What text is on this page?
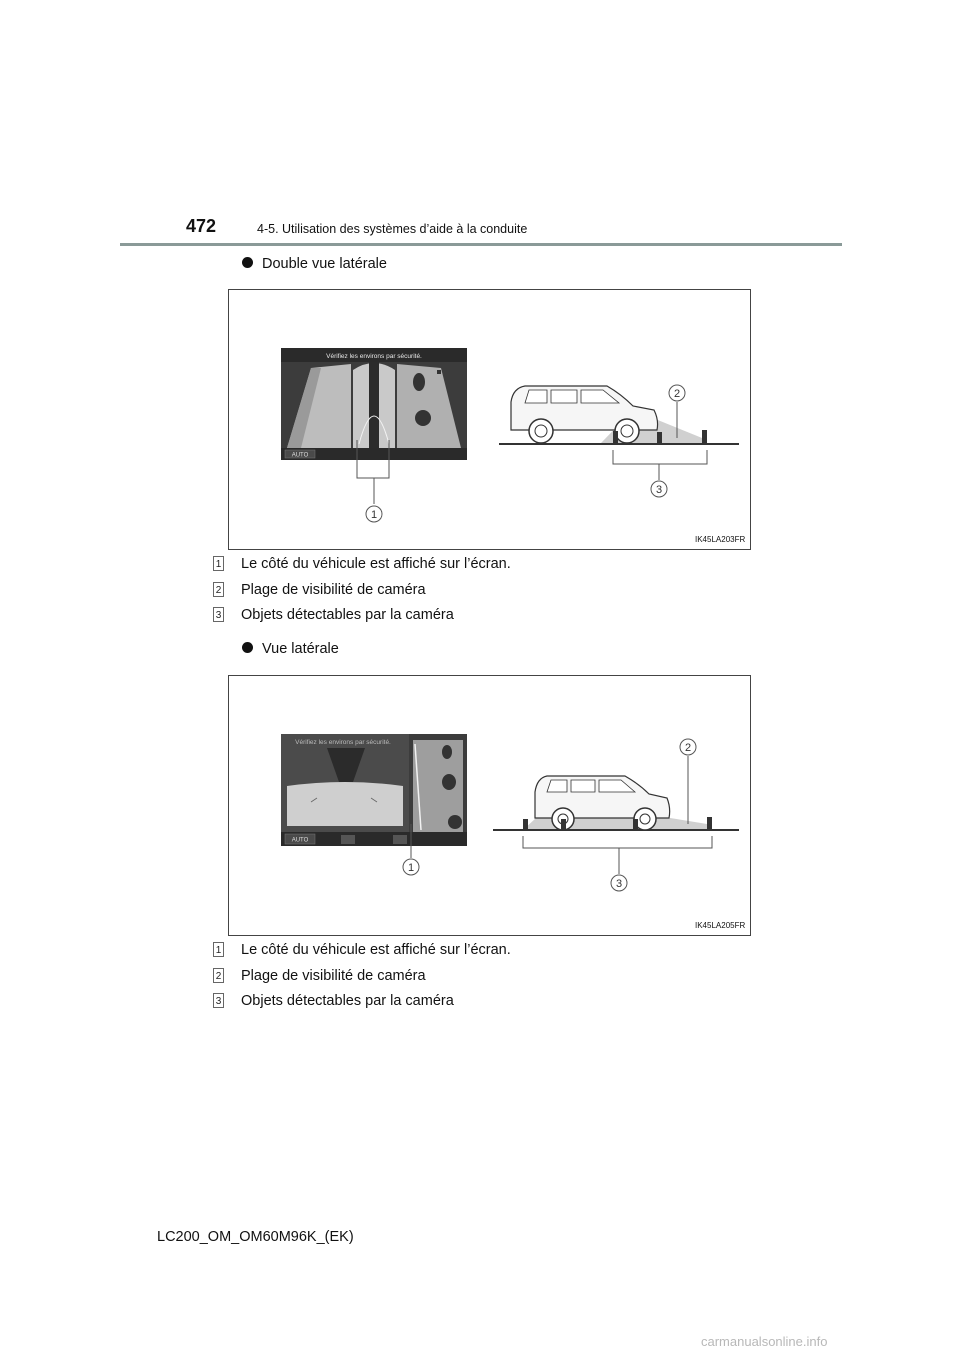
472	4-5. Utilisation des systèmes d’aide à la conduite
Double vue latérale
Vérifiez les environs par sécurité.
AUTO
1
2
3
IK45LA203FR
1 Le côté du véhicule est affiché sur l’écran.
2 Plage de visibilité de caméra
3 Objets détectables par la caméra
Vue latérale
Vérifiez les environs par sécurité.
AUTO
1
2
3
IK45LA205FR
1 Le côté du véhicule est affiché sur l’écran.
2 Plage de visibilité de caméra
3 Objets détectables par la caméra
LC200_OM_OM60M96K_(EK)
carmanualsonline.info
